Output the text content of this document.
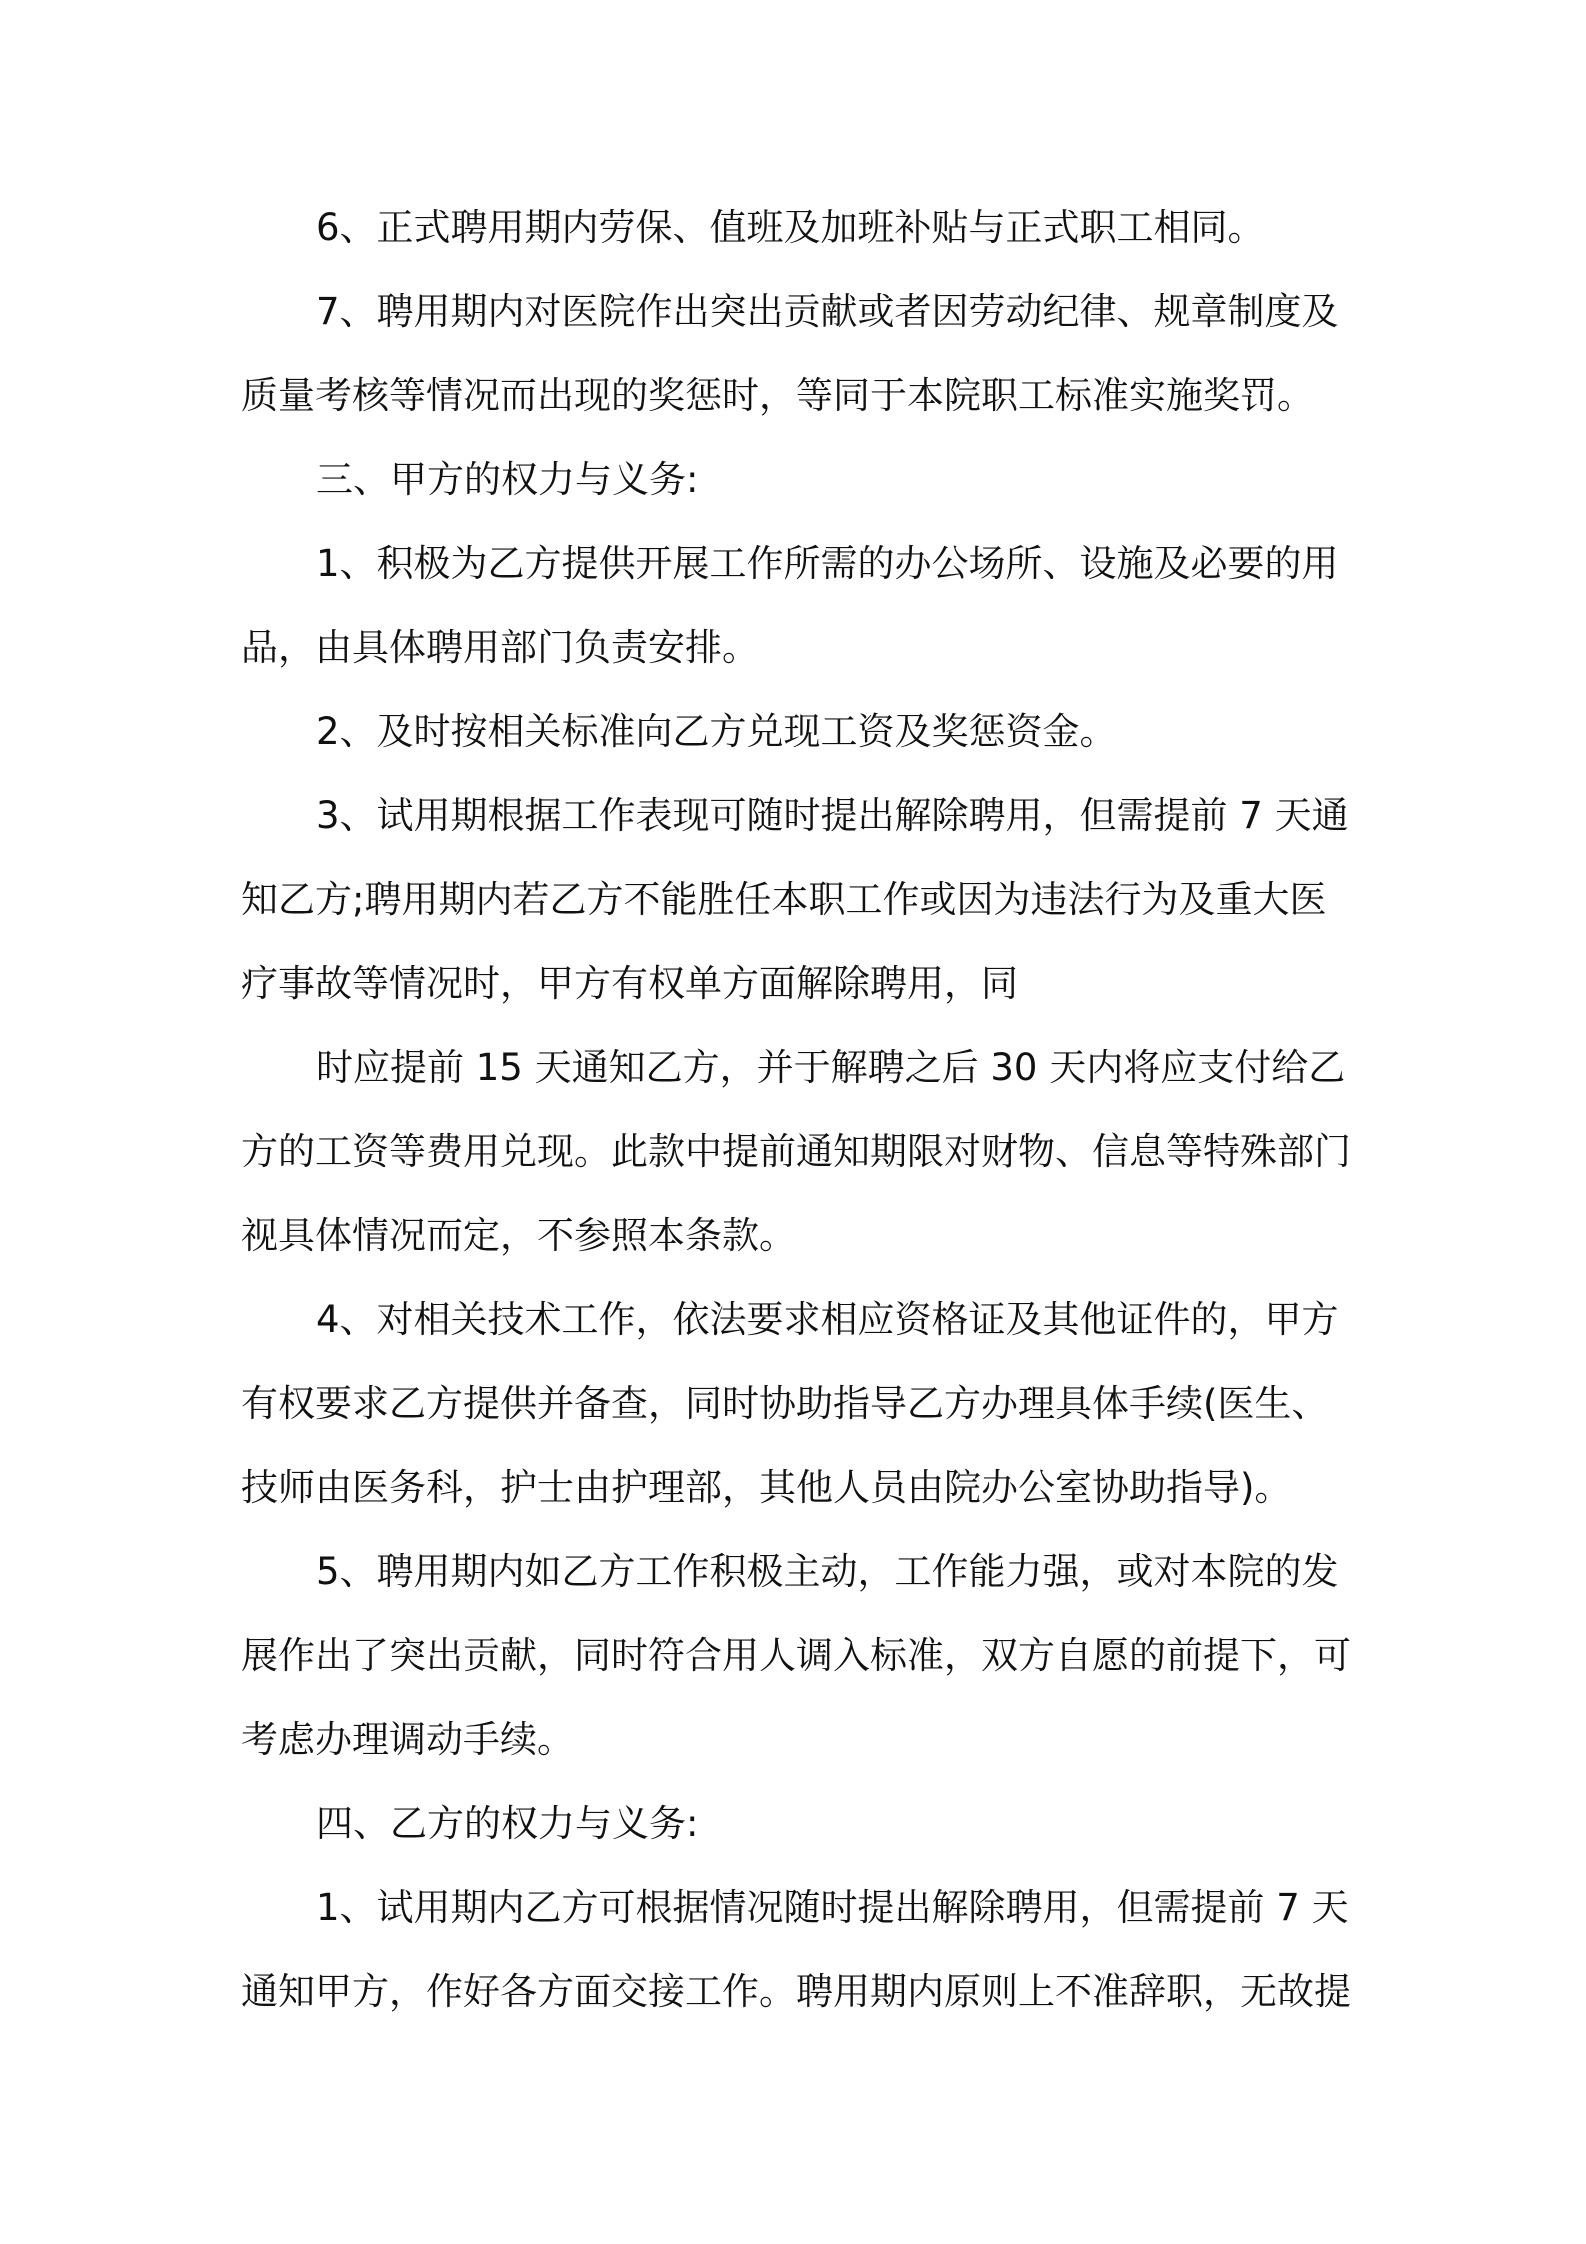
6、正式聘用期内劳保、值班及加班补贴与正式职工相同。

7、聘用期内对医院作出突出贡献或者因劳动纪律、规章制度及

质量考核等情况而出现的奖惩时，等同于本院职工标准实施奖罚。

三、甲方的权力与义务:

1、积极为乙方提供开展工作所需的办公场所、设施及必要的用

品，由具体聘用部门负责安排。

2、及时按相关标准向乙方兑现工资及奖惩资金。

3、试用期根据工作表现可随时提出解除聘用，但需提前 7 天通

知乙方;聘用期内若乙方不能胜任本职工作或因为违法行为及重大医

疗事故等情况时，甲方有权单方面解除聘用，同

时应提前 15 天通知乙方，并于解聘之后 30 天内将应支付给乙

方的工资等费用兑现。此款中提前通知期限对财物、信息等特殊部门

视具体情况而定，不参照本条款。

4、对相关技术工作，依法要求相应资格证及其他证件的，甲方

有权要求乙方提供并备查，同时协助指导乙方办理具体手续(医生、

技师由医务科，护士由护理部，其他人员由院办公室协助指导)。

5、聘用期内如乙方工作积极主动，工作能力强，或对本院的发

展作出了突出贡献，同时符合用人调入标准，双方自愿的前提下，可

考虑办理调动手续。

四、乙方的权力与义务:

1、试用期内乙方可根据情况随时提出解除聘用，但需提前 7 天

通知甲方，作好各方面交接工作。聘用期内原则上不准辞职，无故提
